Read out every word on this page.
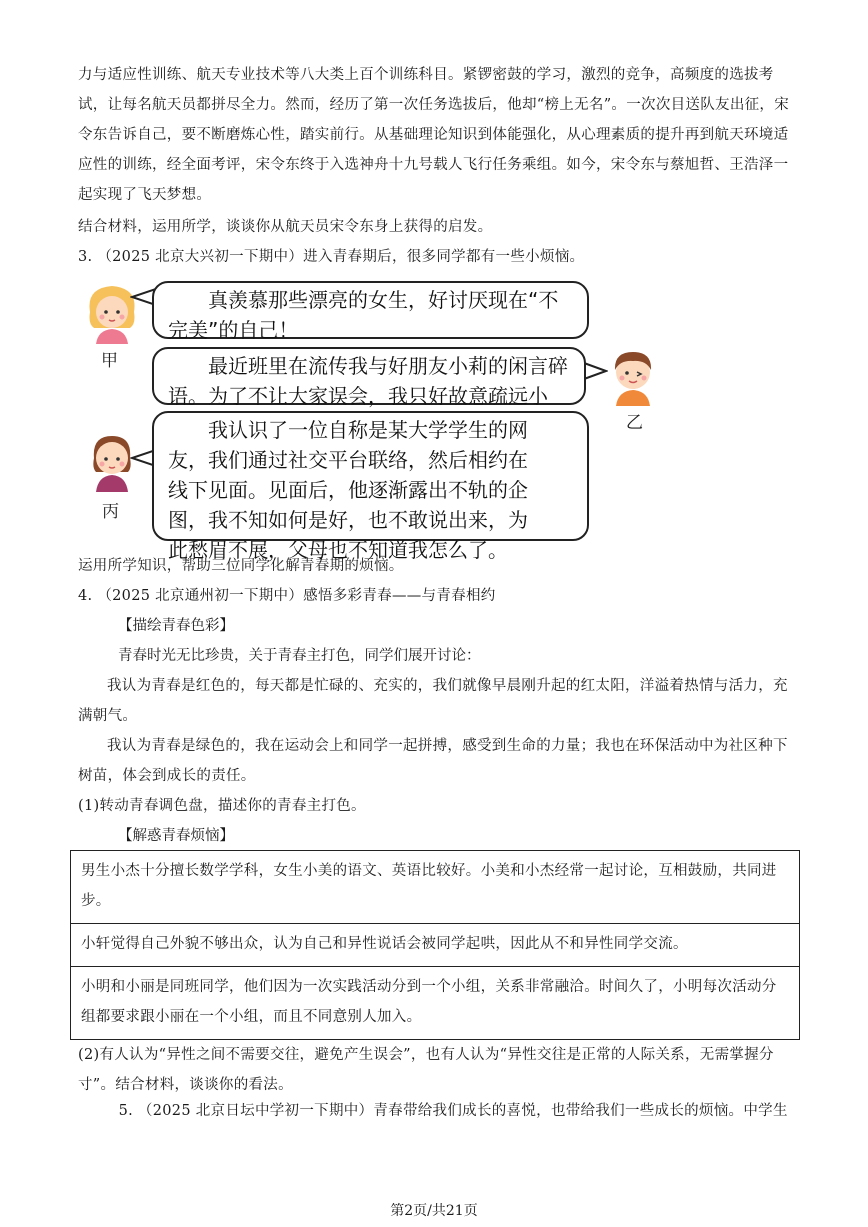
力与适应性训练、航天专业技术等八大类上百个训练科目。紧锣密鼓的学习，激烈的竞争，高频度的选拔考试，让每名航天员都拼尽全力。然而，经历了第一次任务选拔后，他却“榜上无名”。一次次目送队友出征，宋令东告诉自己，要不断磨炼心性，踏实前行。从基础理论知识到体能强化，从心理素质的提升再到航天环境适应性的训练，经全面考评，宋令东终于入选神舟十九号载人飞行任务乘组。如今，宋令东与蔡旭哲、王浩泽一起实现了飞天梦想。

结合材料，运用所学，谈谈你从航天员宋令东身上获得的启发。

3. （2025 北京大兴初一下期中）进入青春期后，很多同学都有一些小烦恼。

甲
真羡慕那些漂亮的女生，好讨厌现在“不完美”的自己！
最近班里在流传我与好朋友小莉的闲言碎语。为了不让大家误会，我只好故意疏远小
乙
丙
我认识了一位自称是某大学学生的网友，我们通过社交平台联络，然后相约在线下见面。见面后，他逐渐露出不轨的企图，我不知如何是好，也不敢说出来，为此愁眉不展，父母也不知道我怎么了。

运用所学知识，帮助三位同学化解青春期的烦恼。

4. （2025 北京通州初一下期中）感悟多彩青春——与青春相约

【描绘青春色彩】

青春时光无比珍贵，关于青春主打色，同学们展开讨论：

我认为青春是红色的，每天都是忙碌的、充实的，我们就像早晨刚升起的红太阳，洋溢着热情与活力，充满朝气。

我认为青春是绿色的，我在运动会上和同学一起拼搏，感受到生命的力量；我也在环保活动中为社区种下树苗，体会到成长的责任。

(1)转动青春调色盘，描述你的青春主打色。

【解惑青春烦恼】

男生小杰十分擅长数学学科，女生小美的语文、英语比较好。小美和小杰经常一起讨论，互相鼓励，共同进步。
小轩觉得自己外貌不够出众，认为自己和异性说话会被同学起哄，因此从不和异性同学交流。
小明和小丽是同班同学，他们因为一次实践活动分到一个小组，关系非常融洽。时间久了，小明每次活动分组都要求跟小丽在一个小组，而且不同意别人加入。

(2)有人认为“异性之间不需要交往，避免产生误会”，也有人认为“异性交往是正常的人际关系，无需掌握分寸”。结合材料，谈谈你的看法。

5. （2025 北京日坛中学初一下期中）青春带给我们成长的喜悦，也带给我们一些成长的烦恼。中学生

第2页/共21页
